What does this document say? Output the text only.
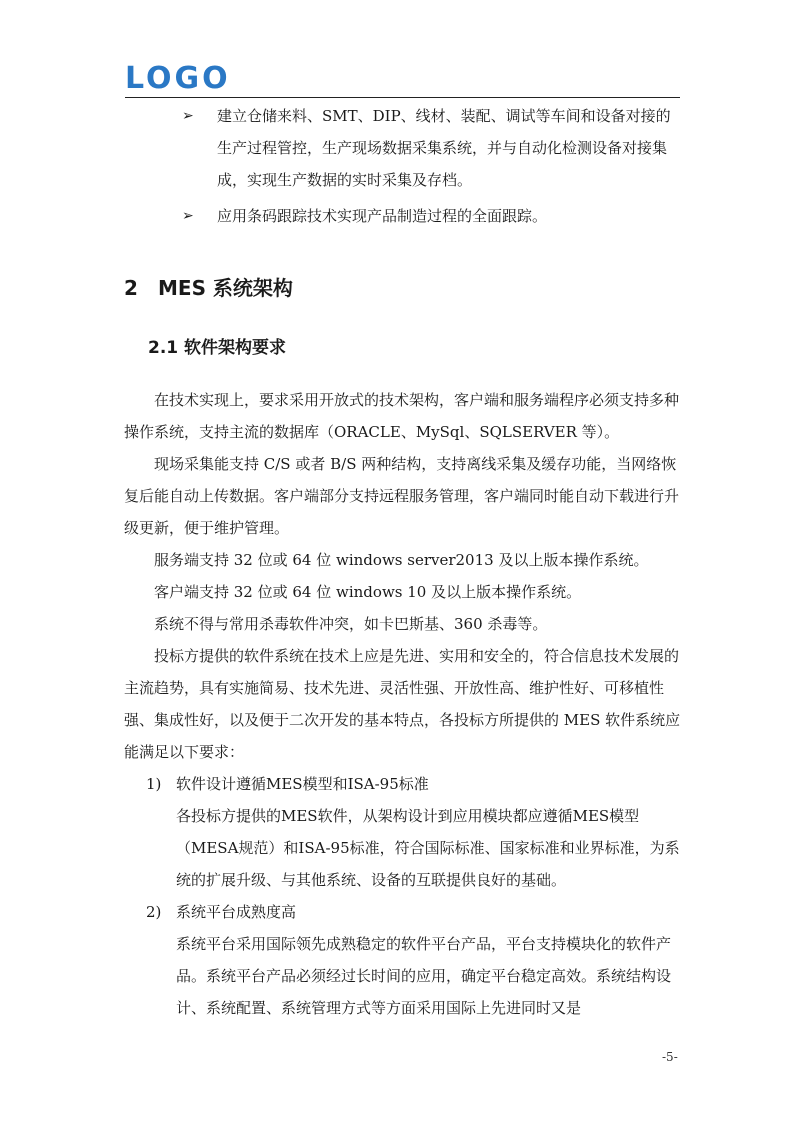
LOGO
➢	建立仓储来料、SMT、DIP、线材、装配、调试等车间和设备对接的生产过程管控，生产现场数据采集系统，并与自动化检测设备对接集成，实现生产数据的实时采集及存档。
➢	应用条码跟踪技术实现产品制造过程的全面跟踪。
2 MES 系统架构
2.1 软件架构要求
在技术实现上，要求采用开放式的技术架构，客户端和服务端程序必须支持多种操作系统，支持主流的数据库（ORACLE、MySql、SQLSERVER 等）。
现场采集能支持 C/S 或者 B/S 两种结构，支持离线采集及缓存功能，当网络恢复后能自动上传数据。客户端部分支持远程服务管理，客户端同时能自动下载进行升级更新，便于维护管理。
服务端支持 32 位或 64 位 windows server2013 及以上版本操作系统。
客户端支持 32 位或 64 位 windows 10 及以上版本操作系统。
系统不得与常用杀毒软件冲突，如卡巴斯基、360 杀毒等。
投标方提供的软件系统在技术上应是先进、实用和安全的，符合信息技术发展的主流趋势，具有实施简易、技术先进、灵活性强、开放性高、维护性好、可移植性强、集成性好，以及便于二次开发的基本特点，各投标方所提供的 MES 软件系统应能满足以下要求：
1) 软件设计遵循MES模型和ISA-95标准
各投标方提供的MES软件，从架构设计到应用模块都应遵循MES模型（MESA规范）和ISA-95标准，符合国际标准、国家标准和业界标准，为系统的扩展升级、与其他系统、设备的互联提供良好的基础。
2) 系统平台成熟度高
系统平台采用国际领先成熟稳定的软件平台产品，平台支持模块化的软件产品。系统平台产品必须经过长时间的应用，确定平台稳定高效。系统结构设计、系统配置、系统管理方式等方面采用国际上先进同时又是
-5-
